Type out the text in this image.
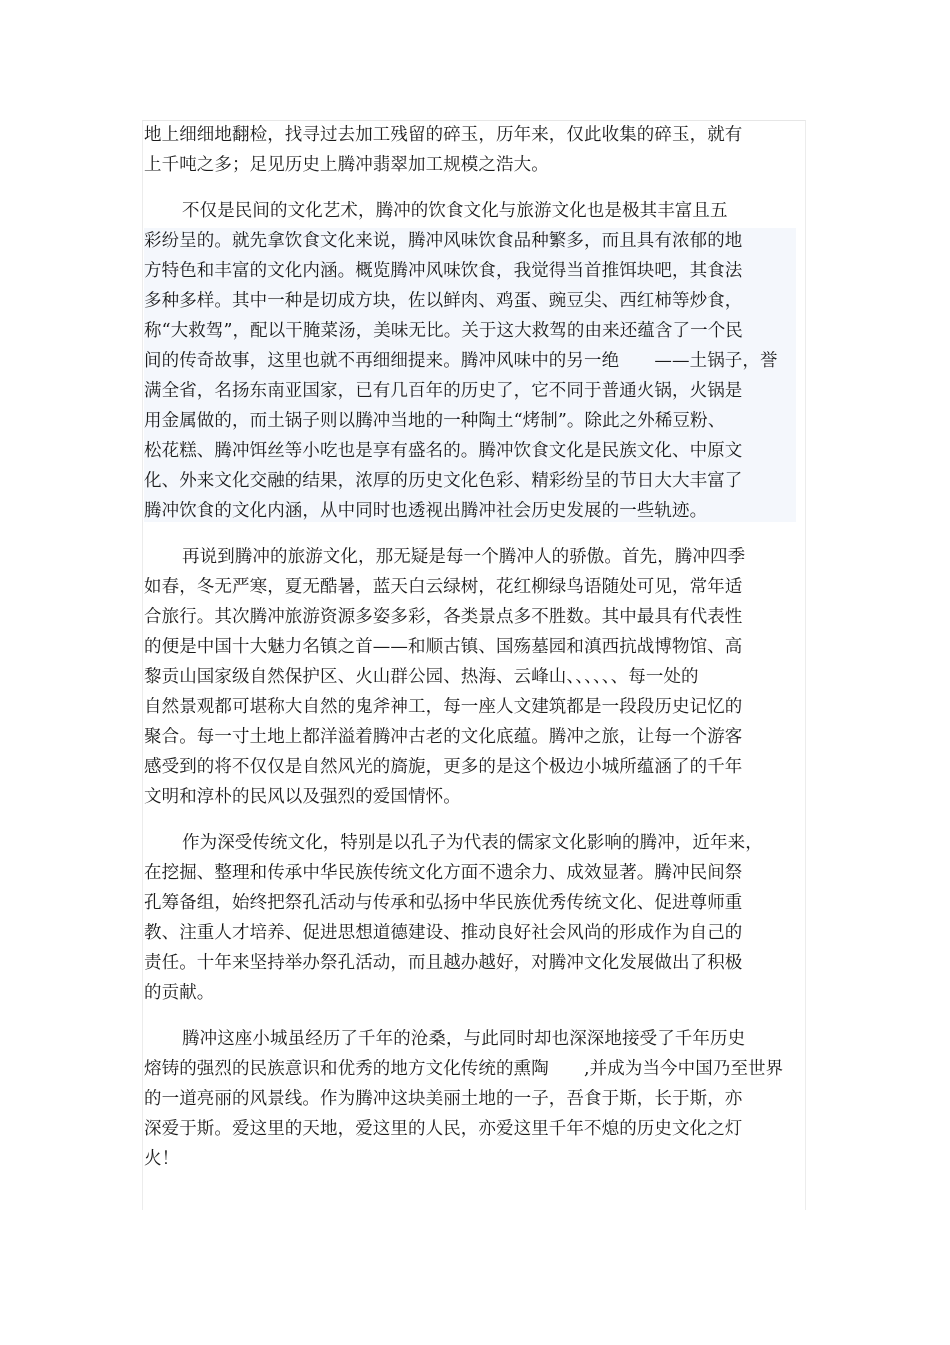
地上细细地翻检，找寻过去加工残留的碎玉，历年来，仅此收集的碎玉，就有
上千吨之多；足见历史上腾冲翡翠加工规模之浩大。
不仅是民间的文化艺术，腾冲的饮食文化与旅游文化也是极其丰富且五
彩纷呈的。就先拿饮食文化来说，腾冲风味饮食品种繁多，而且具有浓郁的地
方特色和丰富的文化内涵。概览腾冲风味饮食，我觉得当首推饵块吧，其食法
多种多样。其中一种是切成方块，佐以鲜肉、鸡蛋、豌豆尖、西红柿等炒食，
称“大救驾”，配以干腌菜汤，美味无比。关于这大救驾的由来还蕴含了一个民
间的传奇故事，这里也就不再细细提来。腾冲风味中的另一绝　　——土锅子，誉
满全省，名扬东南亚国家，已有几百年的历史了，它不同于普通火锅，火锅是
用金属做的，而土锅子则以腾冲当地的一种陶土“烤制”。除此之外稀豆粉、
松花糕、腾冲饵丝等小吃也是享有盛名的。腾冲饮食文化是民族文化、中原文
化、外来文化交融的结果，浓厚的历史文化色彩、精彩纷呈的节日大大丰富了
腾冲饮食的文化内涵，从中同时也透视出腾冲社会历史发展的一些轨迹。
再说到腾冲的旅游文化，那无疑是每一个腾冲人的骄傲。首先，腾冲四季
如春，冬无严寒，夏无酷暑，蓝天白云绿树，花红柳绿鸟语随处可见，常年适
合旅行。其次腾冲旅游资源多姿多彩，各类景点多不胜数。其中最具有代表性
的便是中国十大魅力名镇之首——和顺古镇、国殇墓园和滇西抗战博物馆、高
黎贡山国家级自然保护区、火山群公园、热海、云峰山、、、、、、每一处的
自然景观都可堪称大自然的鬼斧神工，每一座人文建筑都是一段段历史记忆的
聚合。每一寸土地上都洋溢着腾冲古老的文化底蕴。腾冲之旅，让每一个游客
感受到的将不仅仅是自然风光的旖旎，更多的是这个极边小城所蕴涵了的千年
文明和淳朴的民风以及强烈的爱国情怀。
作为深受传统文化，特别是以孔子为代表的儒家文化影响的腾冲，近年来，
在挖掘、整理和传承中华民族传统文化方面不遗余力、成效显著。腾冲民间祭
孔筹备组，始终把祭孔活动与传承和弘扬中华民族优秀传统文化、促进尊师重
教、注重人才培养、促进思想道德建设、推动良好社会风尚的形成作为自己的
责任。十年来坚持举办祭孔活动，而且越办越好，对腾冲文化发展做出了积极
的贡献。
腾冲这座小城虽经历了千年的沧桑，与此同时却也深深地接受了千年历史
熔铸的强烈的民族意识和优秀的地方文化传统的熏陶　　,并成为当今中国乃至世界
的一道亮丽的风景线。作为腾冲这块美丽土地的一子，吾食于斯，长于斯，亦
深爱于斯。爱这里的天地，爱这里的人民，亦爱这里千年不熄的历史文化之灯
火！
